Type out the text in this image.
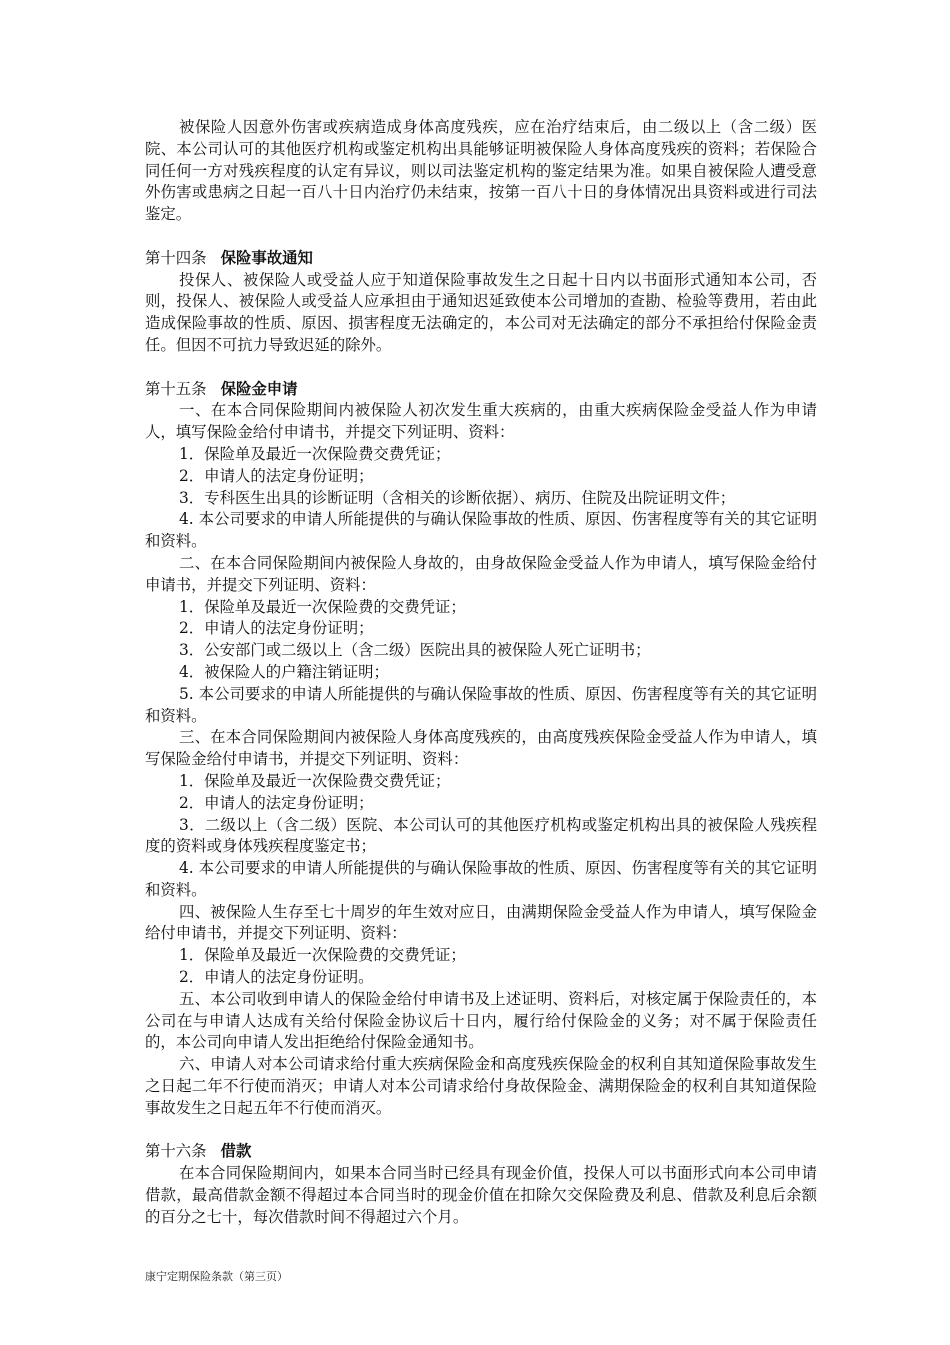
被保险人因意外伤害或疾病造成身体高度残疾，应在治疗结束后，由二级以上（含二级）医院、本公司认可的其他医疗机构或鉴定机构出具能够证明被保险人身体高度残疾的资料；若保险合同任何一方对残疾程度的认定有异议，则以司法鉴定机构的鉴定结果为准。如果自被保险人遭受意外伤害或患病之日起一百八十日内治疗仍未结束，按第一百八十日的身体情况出具资料或进行司法鉴定。

第十四条 保险事故通知

投保人、被保险人或受益人应于知道保险事故发生之日起十日内以书面形式通知本公司，否则，投保人、被保险人或受益人应承担由于通知迟延致使本公司增加的查勘、检验等费用，若由此造成保险事故的性质、原因、损害程度无法确定的，本公司对无法确定的部分不承担给付保险金责任。但因不可抗力导致迟延的除外。

第十五条 保险金申请

一、在本合同保险期间内被保险人初次发生重大疾病的，由重大疾病保险金受益人作为申请人，填写保险金给付申请书，并提交下列证明、资料：

1．保险单及最近一次保险费交费凭证；

2．申请人的法定身份证明；

3．专科医生出具的诊断证明（含相关的诊断依据）、病历、住院及出院证明文件；

4. 本公司要求的申请人所能提供的与确认保险事故的性质、原因、伤害程度等有关的其它证明和资料。

二、在本合同保险期间内被保险人身故的，由身故保险金受益人作为申请人，填写保险金给付申请书，并提交下列证明、资料：

1．保险单及最近一次保险费的交费凭证；

2．申请人的法定身份证明；

3．公安部门或二级以上（含二级）医院出具的被保险人死亡证明书；

4．被保险人的户籍注销证明；

5. 本公司要求的申请人所能提供的与确认保险事故的性质、原因、伤害程度等有关的其它证明和资料。

三、在本合同保险期间内被保险人身体高度残疾的，由高度残疾保险金受益人作为申请人，填写保险金给付申请书，并提交下列证明、资料：

1．保险单及最近一次保险费交费凭证；

2．申请人的法定身份证明；

3．二级以上（含二级）医院、本公司认可的其他医疗机构或鉴定机构出具的被保险人残疾程度的资料或身体残疾程度鉴定书；

4. 本公司要求的申请人所能提供的与确认保险事故的性质、原因、伤害程度等有关的其它证明和资料。

四、被保险人生存至七十周岁的年生效对应日，由满期保险金受益人作为申请人，填写保险金给付申请书，并提交下列证明、资料：

1．保险单及最近一次保险费的交费凭证；

2．申请人的法定身份证明。

五、本公司收到申请人的保险金给付申请书及上述证明、资料后，对核定属于保险责任的，本公司在与申请人达成有关给付保险金协议后十日内，履行给付保险金的义务；对不属于保险责任的，本公司向申请人发出拒绝给付保险金通知书。

六、申请人对本公司请求给付重大疾病保险金和高度残疾保险金的权利自其知道保险事故发生之日起二年不行使而消灭；申请人对本公司请求给付身故保险金、满期保险金的权利自其知道保险事故发生之日起五年不行使而消灭。

第十六条 借款

在本合同保险期间内，如果本合同当时已经具有现金价值，投保人可以书面形式向本公司申请借款，最高借款金额不得超过本合同当时的现金价值在扣除欠交保险费及利息、借款及利息后余额的百分之七十，每次借款时间不得超过六个月。

康宁定期保险条款（第三页）
